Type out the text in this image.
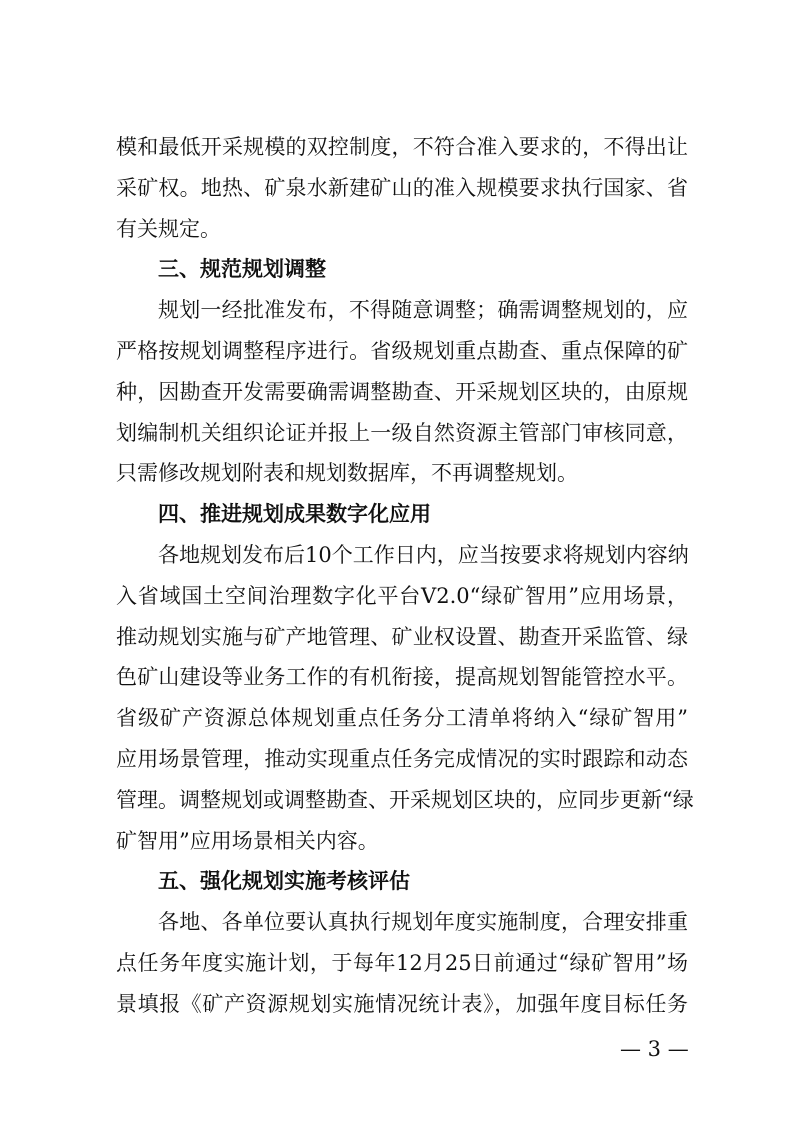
模和最低开采规模的双控制度，不符合准入要求的，不得出让
采矿权。地热、矿泉水新建矿山的准入规模要求执行国家、省
有关规定。
三、规范规划调整
规划一经批准发布，不得随意调整；确需调整规划的，应
严格按规划调整程序进行。省级规划重点勘查、重点保障的矿
种，因勘查开发需要确需调整勘查、开采规划区块的，由原规
划编制机关组织论证并报上一级自然资源主管部门审核同意，
只需修改规划附表和规划数据库，不再调整规划。
四、推进规划成果数字化应用
各地规划发布后10个工作日内，应当按要求将规划内容纳
入省域国土空间治理数字化平台V2.0“绿矿智用”应用场景，
推动规划实施与矿产地管理、矿业权设置、勘查开采监管、绿
色矿山建设等业务工作的有机衔接，提高规划智能管控水平。
省级矿产资源总体规划重点任务分工清单将纳入“绿矿智用”
应用场景管理，推动实现重点任务完成情况的实时跟踪和动态
管理。调整规划或调整勘查、开采规划区块的，应同步更新“绿
矿智用”应用场景相关内容。
五、强化规划实施考核评估
各地、各单位要认真执行规划年度实施制度，合理安排重
点任务年度实施计划，于每年12月25日前通过“绿矿智用”场
景填报《矿产资源规划实施情况统计表》，加强年度目标任务
— 3 —
